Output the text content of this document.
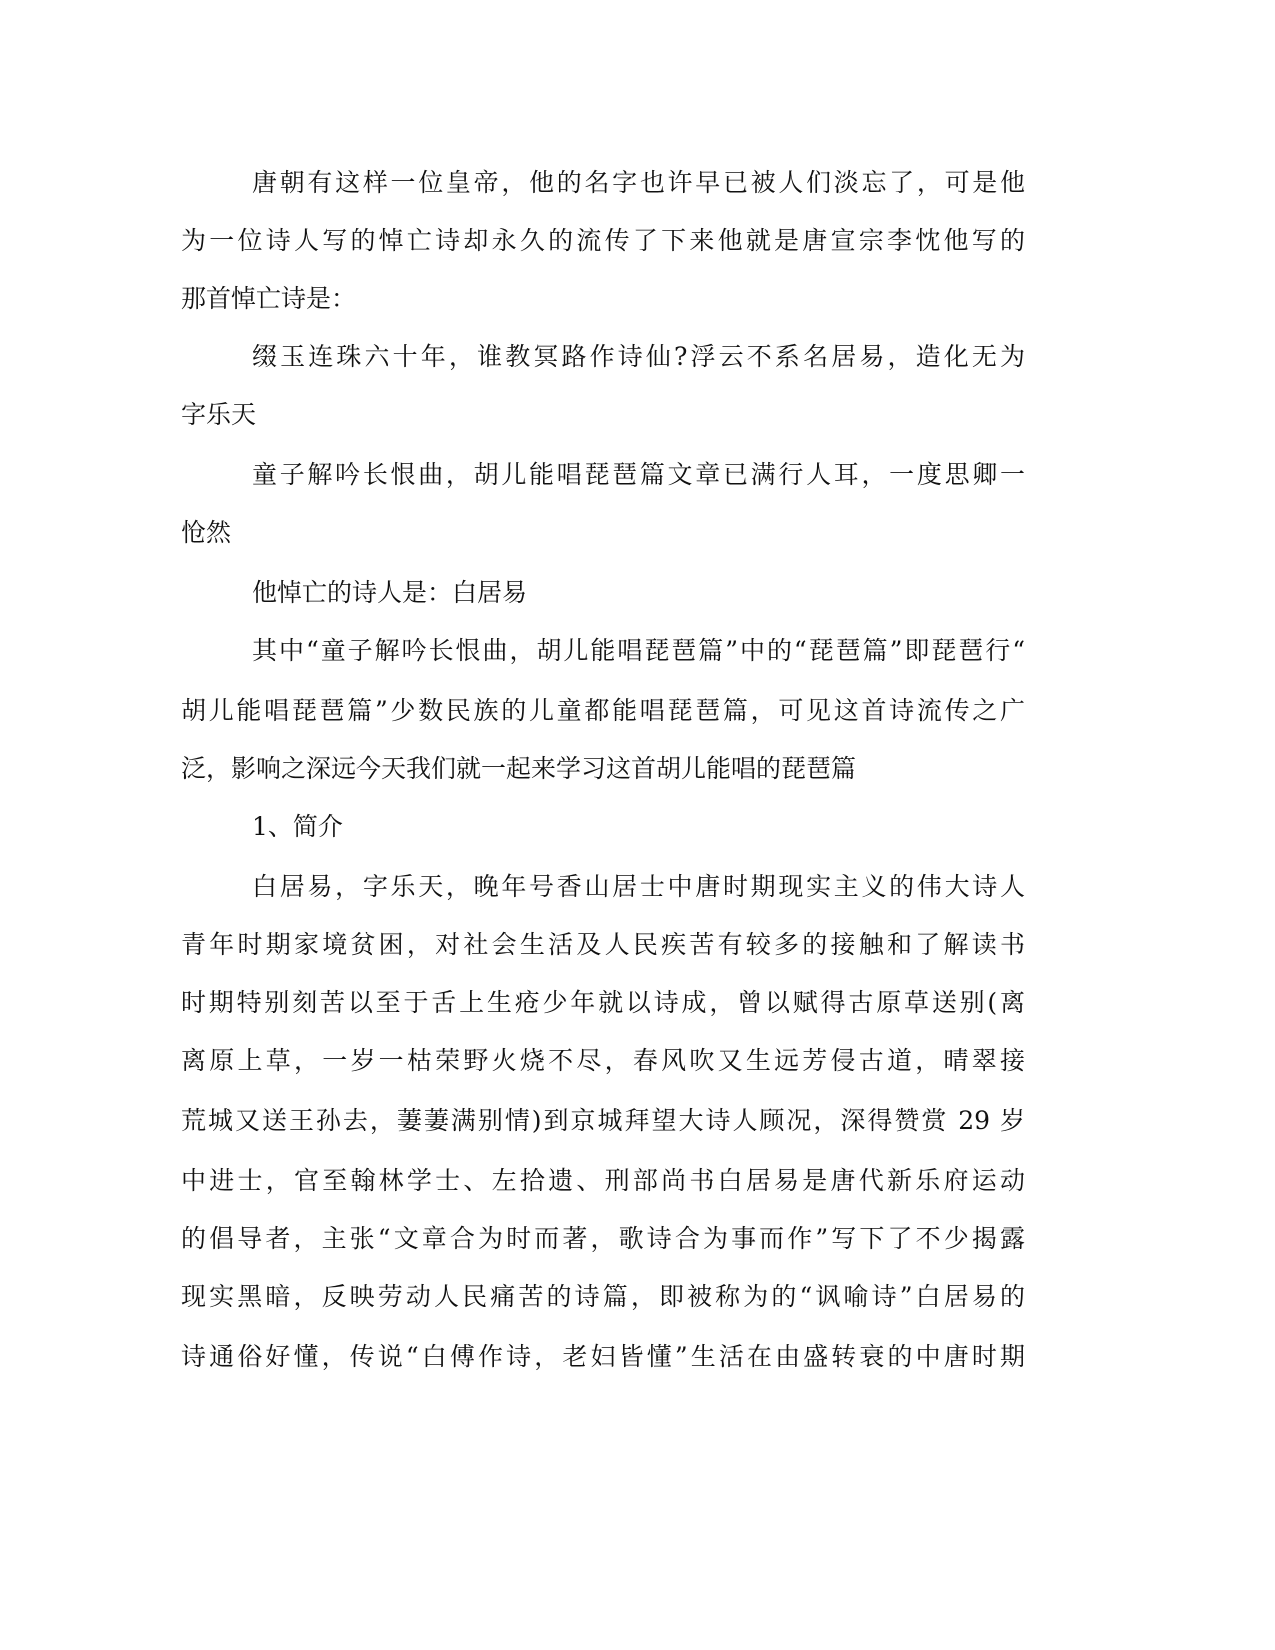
唐朝有这样一位皇帝，他的名字也许早已被人们淡忘了，可是他
为一位诗人写的悼亡诗却永久的流传了下来他就是唐宣宗李忱他写的
那首悼亡诗是：
缀玉连珠六十年，谁教冥路作诗仙?浮云不系名居易，造化无为
字乐天
童子解吟长恨曲，胡儿能唱琵琶篇文章已满行人耳，一度思卿一
怆然
他悼亡的诗人是：白居易
其中“童子解吟长恨曲，胡儿能唱琵琶篇”中的“琵琶篇”即琵琶行“
胡儿能唱琵琶篇”少数民族的儿童都能唱琵琶篇，可见这首诗流传之广
泛，影响之深远今天我们就一起来学习这首胡儿能唱的琵琶篇
1、简介
白居易，字乐天，晚年号香山居士中唐时期现实主义的伟大诗人
青年时期家境贫困，对社会生活及人民疾苦有较多的接触和了解读书
时期特别刻苦以至于舌上生疮少年就以诗成，曾以赋得古原草送别(离
离原上草，一岁一枯荣野火烧不尽，春风吹又生远芳侵古道，晴翠接
荒城又送王孙去，萋萋满别情)到京城拜望大诗人顾况，深得赞赏 29 岁
中进士，官至翰林学士、左拾遗、刑部尚书白居易是唐代新乐府运动
的倡导者，主张“文章合为时而著，歌诗合为事而作”写下了不少揭露
现实黑暗，反映劳动人民痛苦的诗篇，即被称为的“讽喻诗”白居易的
诗通俗好懂，传说“白傅作诗，老妇皆懂”生活在由盛转衰的中唐时期
